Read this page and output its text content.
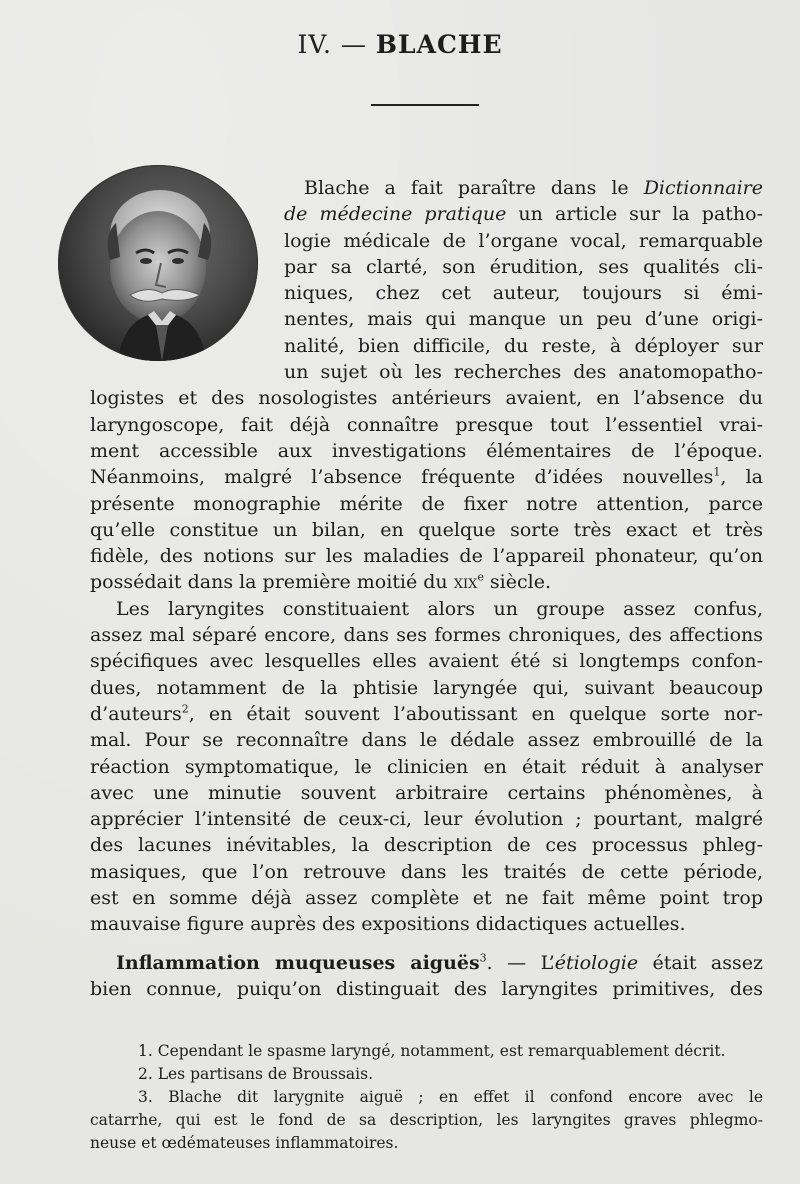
IV. — BLACHE

Blache a fait paraître dans le Dictionnaire
de médecine pratique un article sur la patho-
logie médicale de l’organe vocal, remarquable
par sa clarté, son érudition, ses qualités cli-
niques, chez cet auteur, toujours si émi-
nentes, mais qui manque un peu d’une origi-
nalité, bien difficile, du reste, à déployer sur
un sujet où les recherches des anatomopatho-
logistes et des nosologistes antérieurs avaient, en l’absence du
laryngoscope, fait déjà connaître presque tout l’essentiel vrai-
ment accessible aux investigations élémentaires de l’époque.
Néanmoins, malgré l’absence fréquente d’idées nouvelles$^1$, la
présente monographie mérite de fixer notre attention, parce
qu’elle constitue un bilan, en quelque sorte très exact et très
fidèle, des notions sur les maladies de l’appareil phonateur, qu’on
possédait dans la première moitié du xix$^e$ siècle.

Les laryngites constituaient alors un groupe assez confus,
assez mal séparé encore, dans ses formes chroniques, des affections
spécifiques avec lesquelles elles avaient été si longtemps confon-
dues, notamment de la phtisie laryngée qui, suivant beaucoup
d’auteurs$^2$, en était souvent l’aboutissant en quelque sorte nor-
mal. Pour se reconnaître dans le dédale assez embrouillé de la
réaction symptomatique, le clinicien en était réduit à analyser
avec une minutie souvent arbitraire certains phénomènes, à
apprécier l’intensité de ceux-ci, leur évolution ; pourtant, malgré
des lacunes inévitables, la description de ces processus phleg-
masiques, que l’on retrouve dans les traités de cette période,
est en somme déjà assez complète et ne fait même point trop
mauvaise figure auprès des expositions didactiques actuelles.

Inflammation muqueuses aiguës$^3$. — L’étiologie était assez
bien connue, puiqu’on distinguait des laryngites primitives, des

1. Cependant le spasme laryngé, notamment, est remarquablement décrit.
2. Les partisans de Broussais.
3. Blache dit larygnite aiguë ; en effet il confond encore avec le
catarrhe, qui est le fond de sa description, les laryngites graves phlegmo-
neuse et œdémateuses inflammatoires.
